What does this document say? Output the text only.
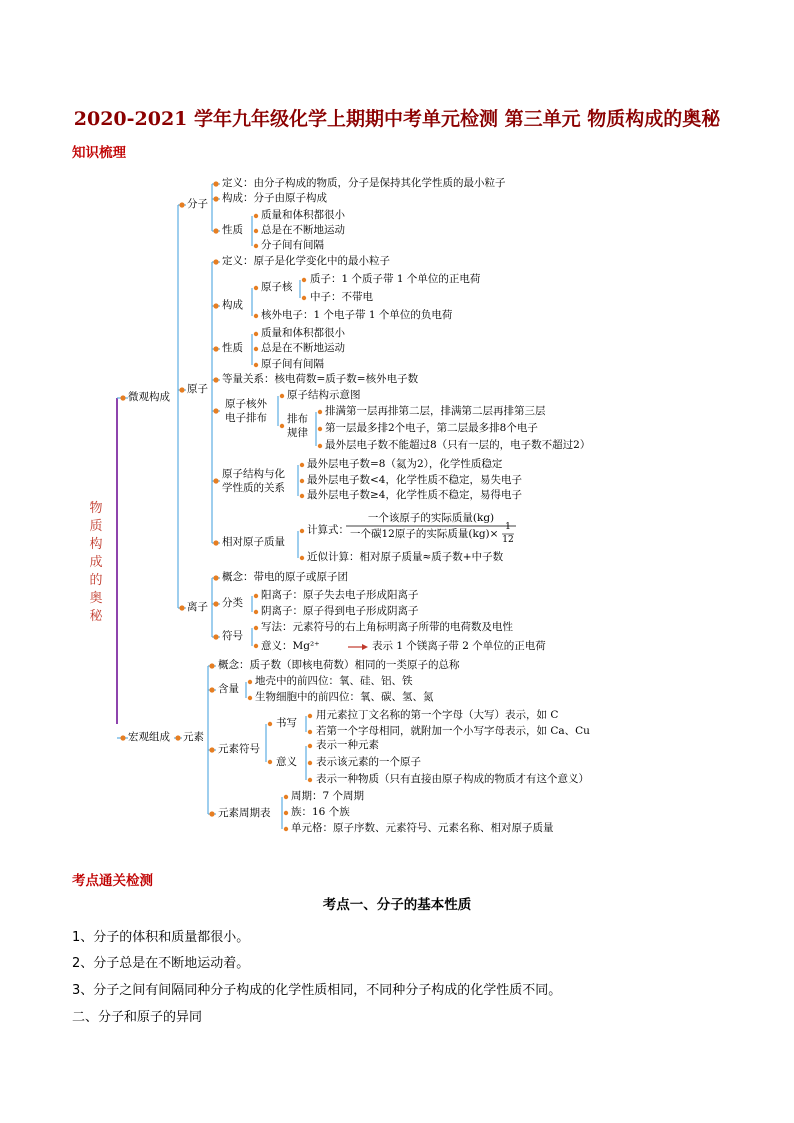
2020-2021 学年九年级化学上期期中考单元检测 第三单元 物质构成的奥秘
知识梳理
物
质
构
成
的
奥
秘
微观构成
宏观组成
分子
定义：由分子构成的物质，分子是保持其化学性质的最小粒子
构成：分子由原子构成
性质
质量和体积都很小
总是在不断地运动
分子间有间隔
原子
定义：原子是化学变化中的最小粒子
构成
原子核
质子：1 个质子带 1 个单位的正电荷
中子：不带电
核外电子：1 个电子带 1 个单位的负电荷
性质
质量和体积都很小
总是在不断地运动
原子间有间隔
等量关系：核电荷数=质子数=核外电子数
原子核外
电子排布
原子结构示意图
排布
规律
排满第一层再排第二层，排满第二层再排第三层
第一层最多排2个电子，第二层最多排8个电子
最外层电子数不能超过8（只有一层的，电子数不超过2）
原子结构与化
学性质的关系
最外层电子数=8（氦为2），化学性质稳定
最外层电子数<4，化学性质不稳定，易失电子
最外层电子数≥4，化学性质不稳定，易得电子
相对原子质量
计算式：
一个该原子的实际质量(kg)
一个碳12原子的实际质量(kg)×
1
12
近似计算：相对原子质量≈质子数+中子数
离子
概念：带电的原子或原子团
分类
阳离子：原子失去电子形成阳离子
阴离子：原子得到电子形成阴离子
符号
写法：元素符号的右上角标明离子所带的电荷数及电性
意义：Mg²⁺	表示 1 个镁离子带 2 个单位的正电荷
元素
概念：质子数（即核电荷数）相同的一类原子的总称
含量
地壳中的前四位：氧、硅、铝、铁
生物细胞中的前四位：氧、碳、氢、氮
元素符号
书写
用元素拉丁文名称的第一个字母（大写）表示，如 C
若第一个字母相同，就附加一个小写字母表示，如 Ca、Cu
意义
表示一种元素
表示该元素的一个原子
表示一种物质（只有直接由原子构成的物质才有这个意义）
元素周期表
周期：7 个周期
族：16 个族
单元格：原子序数、元素符号、元素名称、相对原子质量
考点通关检测
考点一、分子的基本性质
1、分子的体积和质量都很小。
2、分子总是在不断地运动着。
3、分子之间有间隔同种分子构成的化学性质相同，不同种分子构成的化学性质不同。
二、分子和原子的异同
